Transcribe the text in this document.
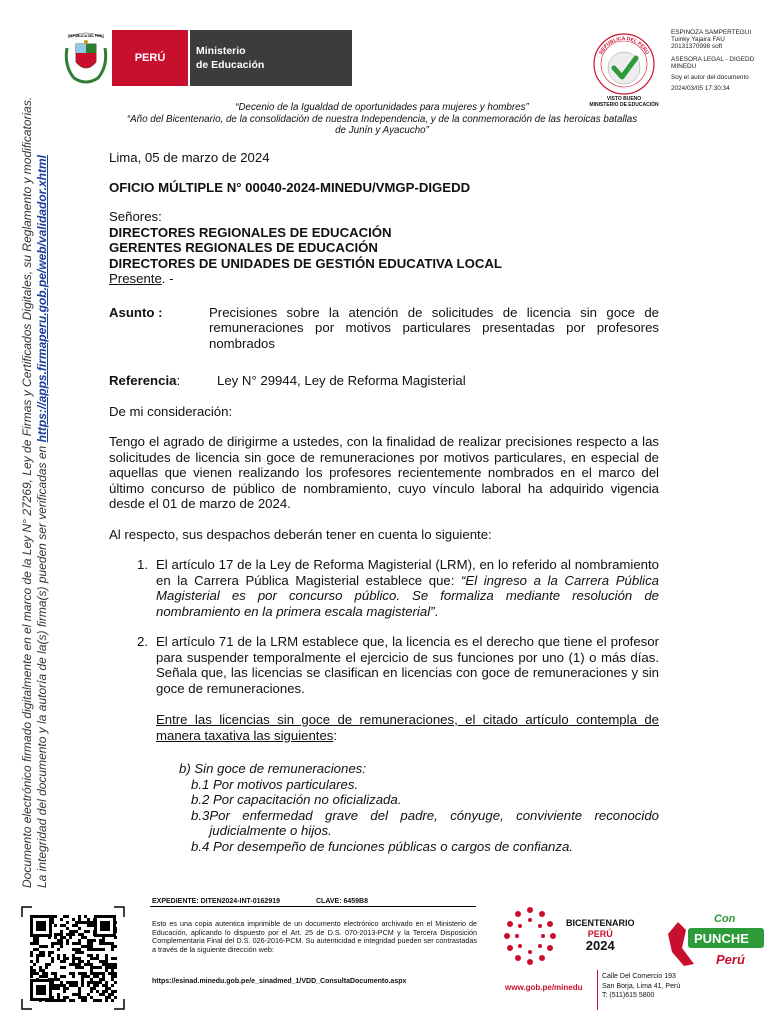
REPÚBLICA DEL PERÚ
PERÚ
Ministerio
de Educación
REPÚBLICA DEL PERÚ
VISTO BUENO
MINISTERIO DE EDUCACIÓN

ESPINOZA SAMPERTEGUI

Tuinky Yajaira FAU

20131370998 soft

ASESORA LEGAL - DIGEDD

MINEDU

Soy el autor del documento

2024/03/05 17:30:34

“Decenio de la Igualdad de oportunidades para mujeres y hombres”
“Año del Bicentenario, de la consolidación de nuestra Independencia, y de la conmemoración de las heroicas batallas
de Junín y Ayacucho”
Documento electrónico firmado digitalmente en el marco de la Ley N° 27269, Ley de Firmas y Certificados Digitales, su Reglamento y modificatorias. La integridad del documento y la autoría de la(s) firma(s) pueden ser verificadas en https://apps.firmaperu.gob.pe/web/validador.xhtml	Lima, 05 de marzo de 2024

OFICIO MÚLTIPLE N° 00040-2024-MINEDU/VMGP-DIGEDD

Señores:

DIRECTORES REGIONALES DE EDUCACIÓN

GERENTES REGIONALES DE EDUCACIÓN

DIRECTORES DE UNIDADES DE GESTIÓN EDUCATIVA LOCAL

Presente. -

Asunto :	Precisiones sobre la atención de solicitudes de licencia sin goce de remuneraciones por motivos particulares presentadas por profesores nombrados
Referencia:	Ley N° 29944, Ley de Reforma Magisterial

De mi consideración:

Tengo el agrado de dirigirme a ustedes, con la finalidad de realizar precisiones respecto a las solicitudes de licencia sin goce de remuneraciones por motivos particulares, en especial de aquellas que vienen realizando los profesores recientemente nombrados en el marco del último concurso de público de nombramiento, cuyo vínculo laboral ha adquirido vigencia desde el 01 de marzo de 2024.

Al respecto, sus despachos deberán tener en cuenta lo siguiente:

1. El artículo 17 de la Ley de Reforma Magisterial (LRM), en lo referido al nombramiento en la Carrera Pública Magisterial establece que: “El ingreso a la Carrera Pública Magisterial es por concurso público. Se formaliza mediante resolución de nombramiento en la primera escala magisterial”.
2. El artículo 71 de la LRM establece que, la licencia es el derecho que tiene el profesor para suspender temporalmente el ejercicio de sus funciones por uno (1) o más días. Señala que, las licencias se clasifican en licencias con goce de remuneraciones y sin goce de remuneraciones.
Entre las licencias sin goce de remuneraciones, el citado artículo contempla de manera taxativa las siguientes:

b) Sin goce de remuneraciones:

b.1 Por motivos particulares.
b.2 Por capacitación no oficializada.
b.3 Por enfermedad grave del padre, cónyuge, conviviente reconocido judicialmente o hijos.
b.4 Por desempeño de funciones públicas o cargos de confianza.
EXPEDIENTE: DITEN2024-INT-0162919	CLAVE: 6459B8
Esto es una copia autentica imprimible de un documento electrónico archivado en el Ministerio de Educación, aplicando lo dispuesto por el Art. 25 de D.S. 070-2013-PCM y la Tercera Disposición Complementaria Final del D.S. 026-2016-PCM. Su autenticidad e integridad pueden ser contrastadas a través de la siguiente dirección web:
https://esinad.minedu.gob.pe/e_sinadmed_1/VDD_ConsultaDocumento.aspx
BICENTENARIO
PERÚ
2024
Con
PUNCHE
Perú
www.gob.pe/minedu
Calle Del Comercio 193
San Borja, Lima 41, Perú
T: (511)615 5800
